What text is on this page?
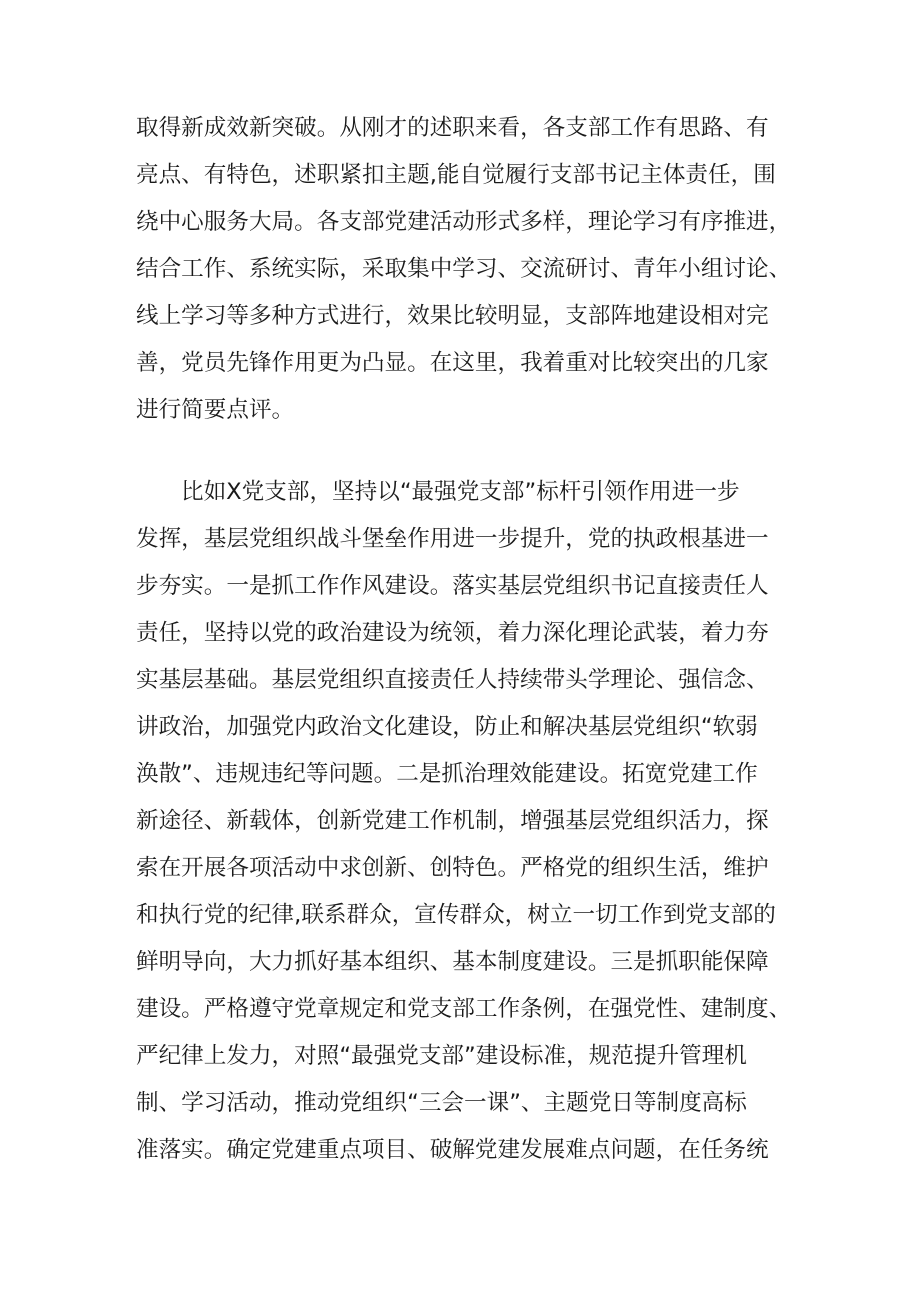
取得新成效新突破。从刚才的述职来看，各支部工作有思路、有
亮点、有特色，述职紧扣主题,能自觉履行支部书记主体责任，围
绕中心服务大局。各支部党建活动形式多样，理论学习有序推进，
结合工作、系统实际，采取集中学习、交流研讨、青年小组讨论、
线上学习等多种方式进行，效果比较明显，支部阵地建设相对完
善，党员先锋作用更为凸显。在这里，我着重对比较突出的几家
进行简要点评。
比如X党支部，坚持以“最强党支部”标杆引领作用进一步
发挥，基层党组织战斗堡垒作用进一步提升，党的执政根基进一
步夯实。一是抓工作作风建设。落实基层党组织书记直接责任人
责任，坚持以党的政治建设为统领，着力深化理论武装，着力夯
实基层基础。基层党组织直接责任人持续带头学理论、强信念、
讲政治，加强党内政治文化建设，防止和解决基层党组织“软弱
涣散”、违规违纪等问题。二是抓治理效能建设。拓宽党建工作
新途径、新载体，创新党建工作机制，增强基层党组织活力，探
索在开展各项活动中求创新、创特色。严格党的组织生活，维护
和执行党的纪律,联系群众，宣传群众，树立一切工作到党支部的
鲜明导向，大力抓好基本组织、基本制度建设。三是抓职能保障
建设。严格遵守党章规定和党支部工作条例，在强党性、建制度、
严纪律上发力，对照“最强党支部”建设标准，规范提升管理机
制、学习活动，推动党组织“三会一课”、主题党日等制度高标
准落实。确定党建重点项目、破解党建发展难点问题，在任务统
